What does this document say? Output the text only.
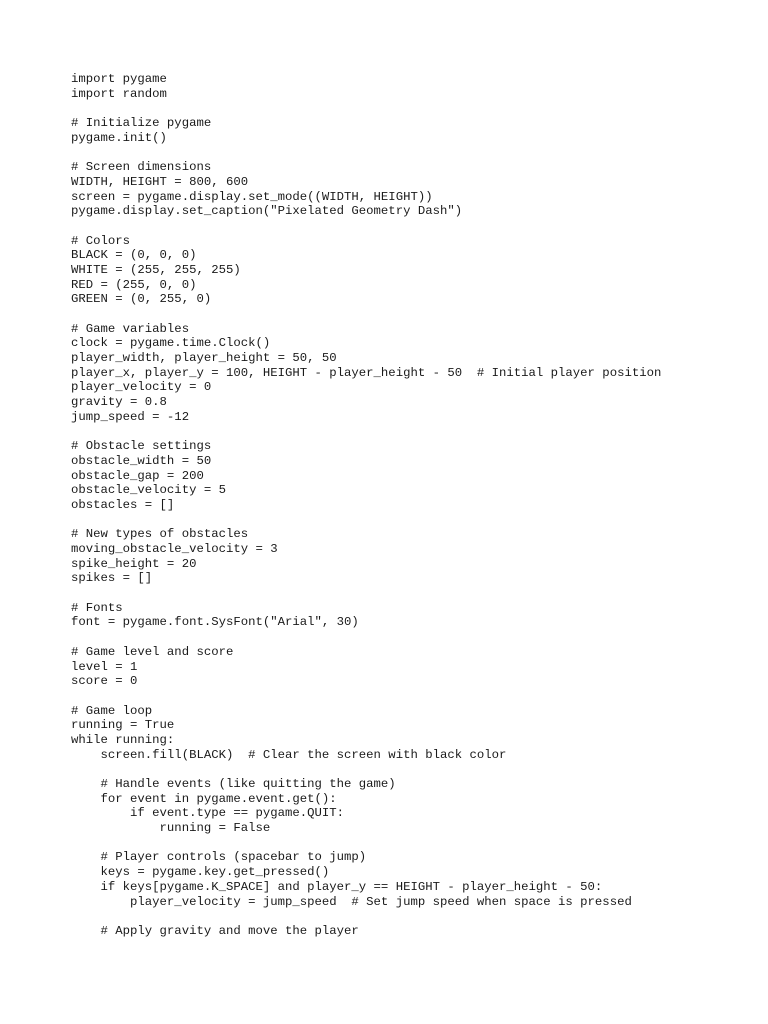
import pygame
import random
# Initialize pygame
pygame.init()
# Screen dimensions
WIDTH, HEIGHT = 800, 600
screen = pygame.display.set_mode((WIDTH, HEIGHT))
pygame.display.set_caption("Pixelated Geometry Dash")
# Colors
BLACK = (0, 0, 0)
WHITE = (255, 255, 255)
RED = (255, 0, 0)
GREEN = (0, 255, 0)
# Game variables
clock = pygame.time.Clock()
player_width, player_height = 50, 50
player_x, player_y = 100, HEIGHT - player_height - 50  # Initial player position
player_velocity = 0
gravity = 0.8
jump_speed = -12
# Obstacle settings
obstacle_width = 50
obstacle_gap = 200
obstacle_velocity = 5
obstacles = []
# New types of obstacles
moving_obstacle_velocity = 3
spike_height = 20
spikes = []
# Fonts
font = pygame.font.SysFont("Arial", 30)
# Game level and score
level = 1
score = 0
# Game loop
running = True
while running:
screen.fill(BLACK)  # Clear the screen with black color
# Handle events (like quitting the game)
for event in pygame.event.get():
if event.type == pygame.QUIT:
running = False
# Player controls (spacebar to jump)
keys = pygame.key.get_pressed()
if keys[pygame.K_SPACE] and player_y == HEIGHT - player_height - 50:
player_velocity = jump_speed  # Set jump speed when space is pressed
# Apply gravity and move the player
